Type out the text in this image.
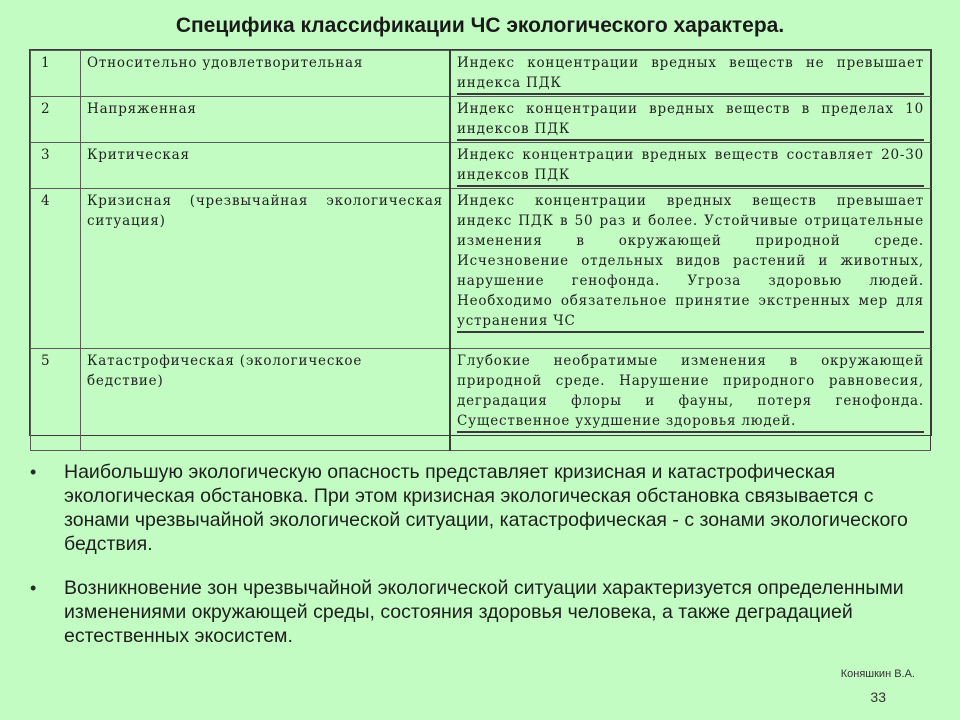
Специфика классификации ЧС экологического характера.
1	Относительно удовлетворительная	Индекс концентрации вредных веществ не превышает индекса ПДК

2	Напряженная	Индекс концентрации вредных веществ в пределах 10 индексов ПДК

3	Критическая	Индекс концентрации вредных веществ составляет 20-30 индексов ПДК

4	Кризисная (чрезвычайная экологическая ситуация)	Индекс концентрации вредных веществ превышает индекс ПДК в 50 раз и более. Устойчивые отрицательные изменения в окружающей природной среде. Исчезновение отдельных видов растений и животных, нарушение генофонда. Угроза здоровью людей. Необходимо обязательное принятие экстренных мер для устранения ЧС

5	Катастрофическая (экологическое бедствие)	Глубокие необратимые изменения в окружающей природной среде. Нарушение природного равновесия, деградация флоры и фауны, потеря генофонда. Существенное ухудшение здоровья людей.
• Наибольшую экологическую опасность представляет кризисная и катастрофическая экологическая обстановка. При этом кризисная экологическая обстановка связывается с зонами чрезвычайной экологической ситуации, катастрофическая - с зонами экологического бедствия.
• Возникновение зон чрезвычайной экологической ситуации характеризуется определенными изменениями окружающей среды, состояния здоровья человека, а также деградацией естественных экосистем.
Коняшкин В.А.
33
